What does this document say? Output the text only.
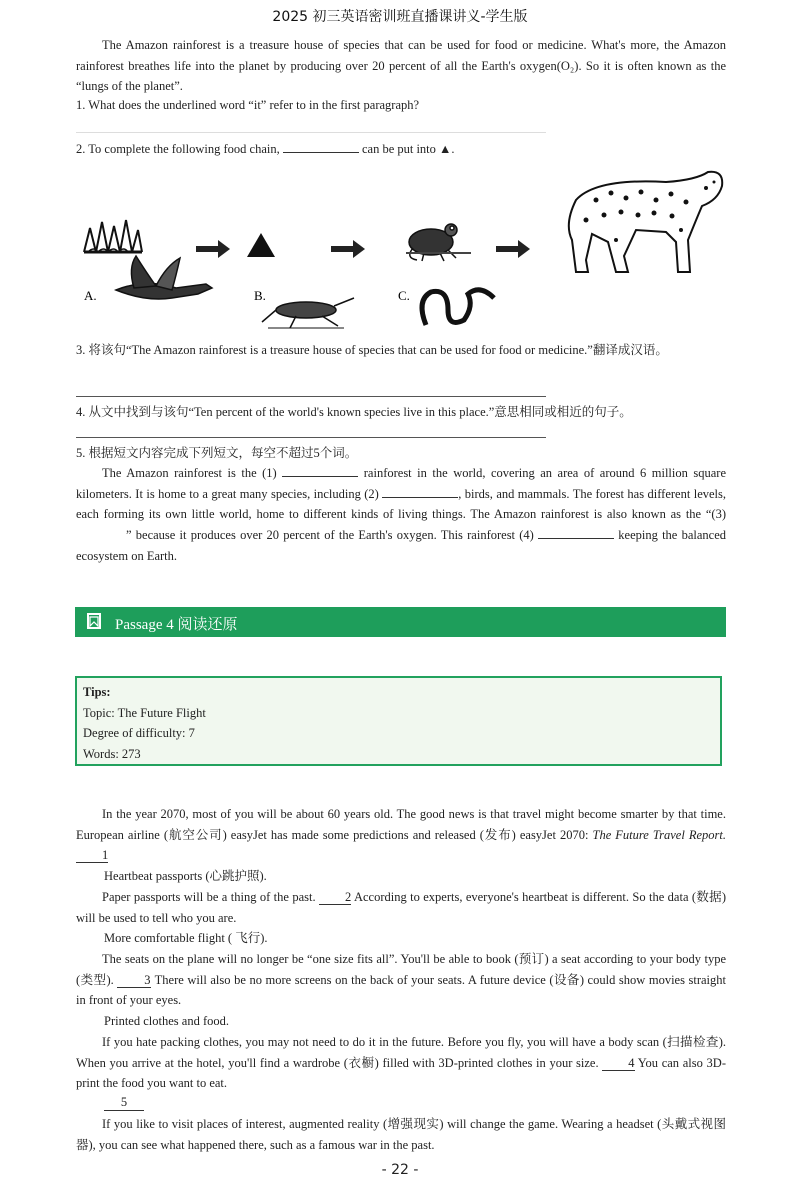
2025 初三英语密训班直播课讲义-学生版
The Amazon rainforest is a treasure house of species that can be used for food or medicine. What's more, the Amazon rainforest breathes life into the planet by producing over 20 percent of all the Earth's oxygen(O₂). So it is often known as the “lungs of the planet”.
1. What does the underlined word “it” refer to in the first paragraph?
2. To complete the following food chain,	can be put into ▲.
A.	B.	C.
3. 将该句“The Amazon rainforest is a treasure house of species that can be used for food or medicine.”翻译成汉语。
4. 从文中找到与该句“Ten percent of the world's known species live in this place.”意思相同或相近的句子。
5. 根据短文内容完成下列短文，每空不超过5个词。
The Amazon rainforest is the (1)	rainforest in the world, covering an area of around 6 million square kilometers. It is home to a great many species, including (2)	, birds, and mammals. The forest has different levels, each forming its own little world, home to different kinds of living things. The Amazon rainforest is also known as the “(3) ” because it produces over 20 percent of the Earth's oxygen. This rainforest (4)	keeping the balanced ecosystem on Earth.
Passage 4 阅读还原
Tips:
Topic: The Future Flight
Degree of difficulty: 7
Words: 273
In the year 2070, most of you will be about 60 years old. The good news is that travel might become smarter by that time. European airline (航空公司) easyJet has made some predictions and released (发布) easyJet 2070: The Future Travel Report. 1
Heartbeat passports (心跳护照).
Paper passports will be a thing of the past. 2 According to experts, everyone's heartbeat is different. So the data (数据) will be used to tell who you are.
More comfortable flight ( 飞行).
The seats on the plane will no longer be “one size fits all”. You'll be able to book (预订) a seat according to your body type (类型). 3 There will also be no more screens on the back of your seats. A future device (设备) could show movies straight in front of your eyes.
Printed clothes and food.
If you hate packing clothes, you may not need to do it in the future. Before you fly, you will have a body scan (扫描检查). When you arrive at the hotel, you'll find a wardrobe (衣橱) filled with 3D-printed clothes in your size. 4 You can also 3D-print the food you want to eat.
5
If you like to visit places of interest, augmented reality (增强现实) will change the game. Wearing a headset (头戴式视图器), you can see what happened there, such as a famous war in the past.
- 22 -
